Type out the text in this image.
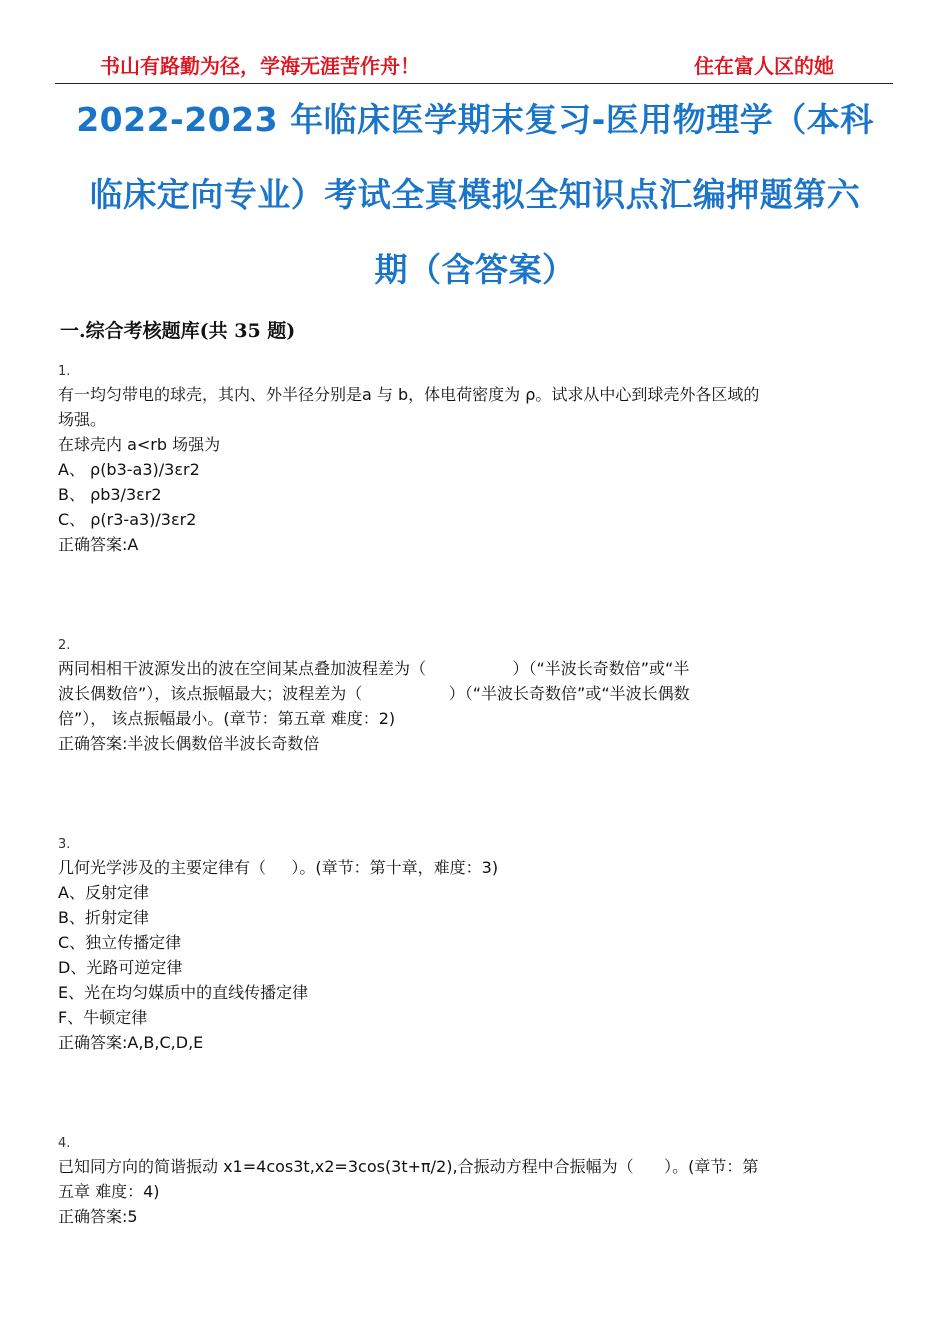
书山有路勤为径，学海无涯苦作舟！	住在富人区的她
2022-2023 年临床医学期末复习-医用物理学（本科
临床定向专业）考试全真模拟全知识点汇编押题第六
期（含答案）
一.综合考核题库(共 35 题)
1.
有一均匀带电的球壳，其内、外半径分别是a 与 b，体电荷密度为 ρ。试求从中心到球壳外各区域的
场强。
在球壳内 a<rb 场强为
A、 ρ(b3-a3)/3εr2
B、 ρb3/3εr2
C、 ρ(r3-a3)/3εr2
正确答案:A
2.
两同相相干波源发出的波在空间某点叠加波程差为（                 ）（“半波长奇数倍”或“半
波长偶数倍”），该点振幅最大；波程差为（                 ）（“半波长奇数倍”或“半波长偶数
倍”）， 该点振幅最小。(章节：第五章 难度：2)
正确答案:半波长偶数倍半波长奇数倍
3.
几何光学涉及的主要定律有（     ）。(章节：第十章，难度：3)
A、反射定律
B、折射定律
C、独立传播定律
D、光路可逆定律
E、光在均匀媒质中的直线传播定律
F、牛顿定律
正确答案:A,B,C,D,E
4.
已知同方向的简谐振动 x1=4cos3t,x2=3cos(3t+π/2),合振动方程中合振幅为（      ）。(章节：第
五章 难度：4)
正确答案:5
